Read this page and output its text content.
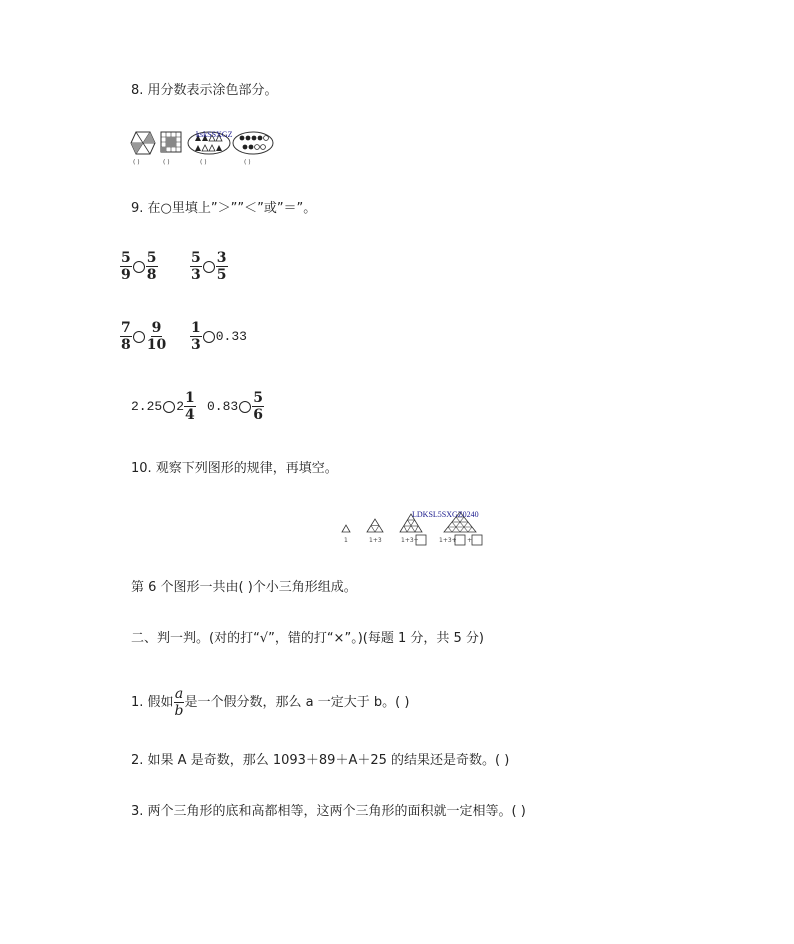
8. 用分数表示涂色部分。
kskSSXGZ
( )	( )	( )	( )
9. 在○里填上”＞””＜”或”＝”。
$\frac{5}{9} \frac{5}{8} \frac{5}{3} \frac{3}{5}$
$\frac{7}{8} \frac{9}{10} \frac{1}{3} 0.33$
2.25 $2 \frac{1}{4} 0.83 \frac{5}{6}$
10. 观察下列图形的规律，再填空。
LDKSL5SXGZ0240
1	1+3	1+3+	1+3+ +
第 6 个图形一共由( )个小三角形组成。
二、判一判。(对的打“√”，错的打“×”。)(每题 1 分，共 5 分)
1. 假如 $\frac{a}{b}$ 是一个假分数，那么 a 一定大于 b。( )
2. 如果 A 是奇数，那么 1093＋89＋A＋25 的结果还是奇数。( )
3. 两个三角形的底和高都相等，这两个三角形的面积就一定相等。( )
